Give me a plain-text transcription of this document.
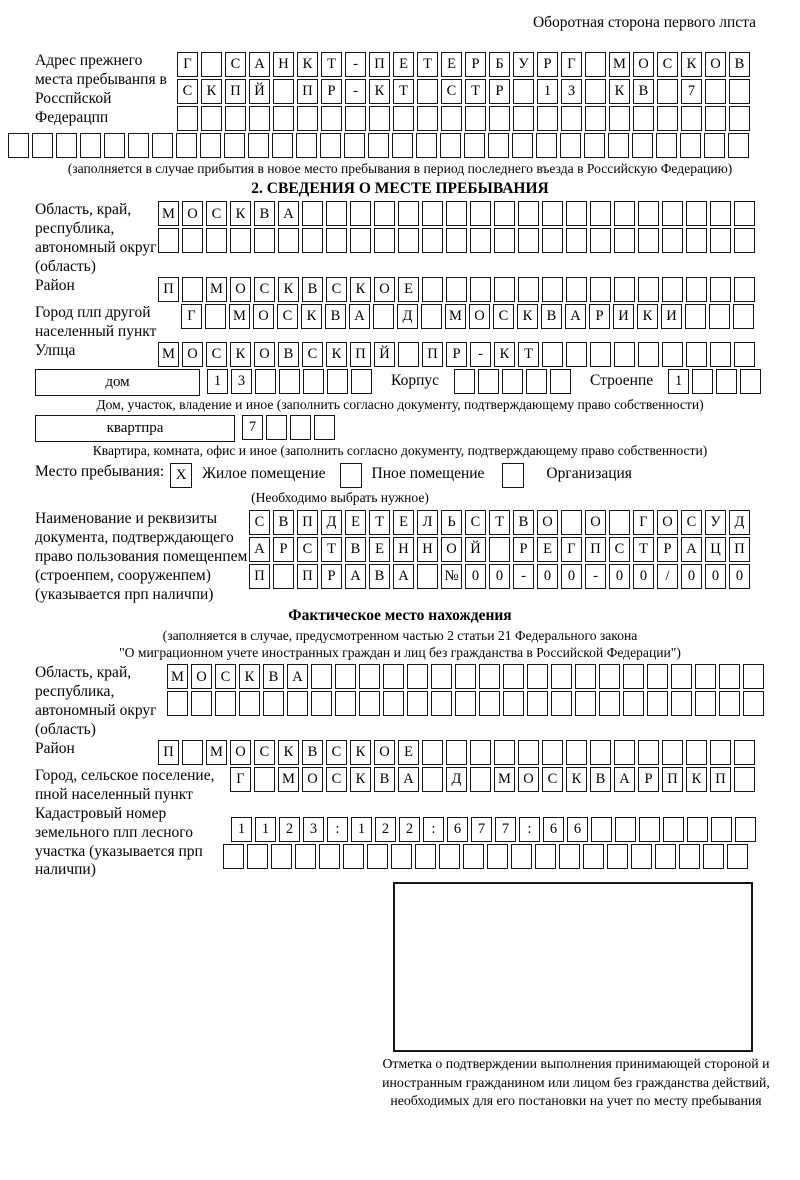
Оборотная сторона первого лпста
Адрес прежнего места пребыванпя в Росспйской Федерацпп
Г	С А Н К	Т	-	П Е	Т	Е	Р	Б	У	Р	Г	М О С К О В
С К П Й	П	Р	-	К	Т	С	Т	Р	1	3	К В	7
(заполняется в случае прибытия в новое место пребывания в период последнего въезда в Российскую Федерацию)
2. СВЕДЕНИЯ О МЕСТЕ ПРЕБЫВАНИЯ
Область, край, республика, автономный округ (область)
М О С К В А
Район	П	М О С К В С К О Е
Город плп другой населенный пункт
Г	М О С К В А	Д	М О С К В А	Р	И К И
Улпца	М О С К О В С К П Й	П	Р	-	К	Т
дом	1	3	Корпус	Строенпе	1
Дом, участок, владение и иное (заполнить согласно документу, подтверждающему право собственности)
квартпра	7
Квартира, комната, офис и иное (заполнить согласно документу, подтверждающему право собственности)
Место пребывания: X	Жилое помещение	Пное помещение	Организация
(Необходимо выбрать нужное)
Наименование и реквизиты документа, подтверждающего право пользования помещенпем (строенпем, сооруженпем) (указывается прп наличпи)
С В П Д	Е	Т	Е	Л	Ь	С	Т	В О	О	Г	О С У Д
А	Р	С	Т	В	Е Н Н О Й	Р	Е	Г	П С	Т	Р	А Ц П
П	П	Р	А В А	№ 0	0	-	0	0	-	0	0	/	0	0	0
Фактическое место нахождения
(заполняется в случае, предусмотренном частью 2 статьи 21 Федерального закона
"О миграционном учете иностранных граждан и лиц без гражданства в Российской Федерации")
Область, край, республика, автономный округ (область)
М О С К В А
Район	П	М О С К В С К О Е
Город, сельское поселение, пной населенный пункт
Г	М О С К В А	Д	М О С К В А	Р	П К П
Кадастровый номер земельного плп лесного участка (указывается прп наличпи)
1	1	2	3	:	1	2	2	:	6	7	7	:	6	6
Отметка о подтверждении выполнения принимающей стороной и иностранным гражданином или лицом без гражданства действий, необходимых для его постановки на учет по месту пребывания
